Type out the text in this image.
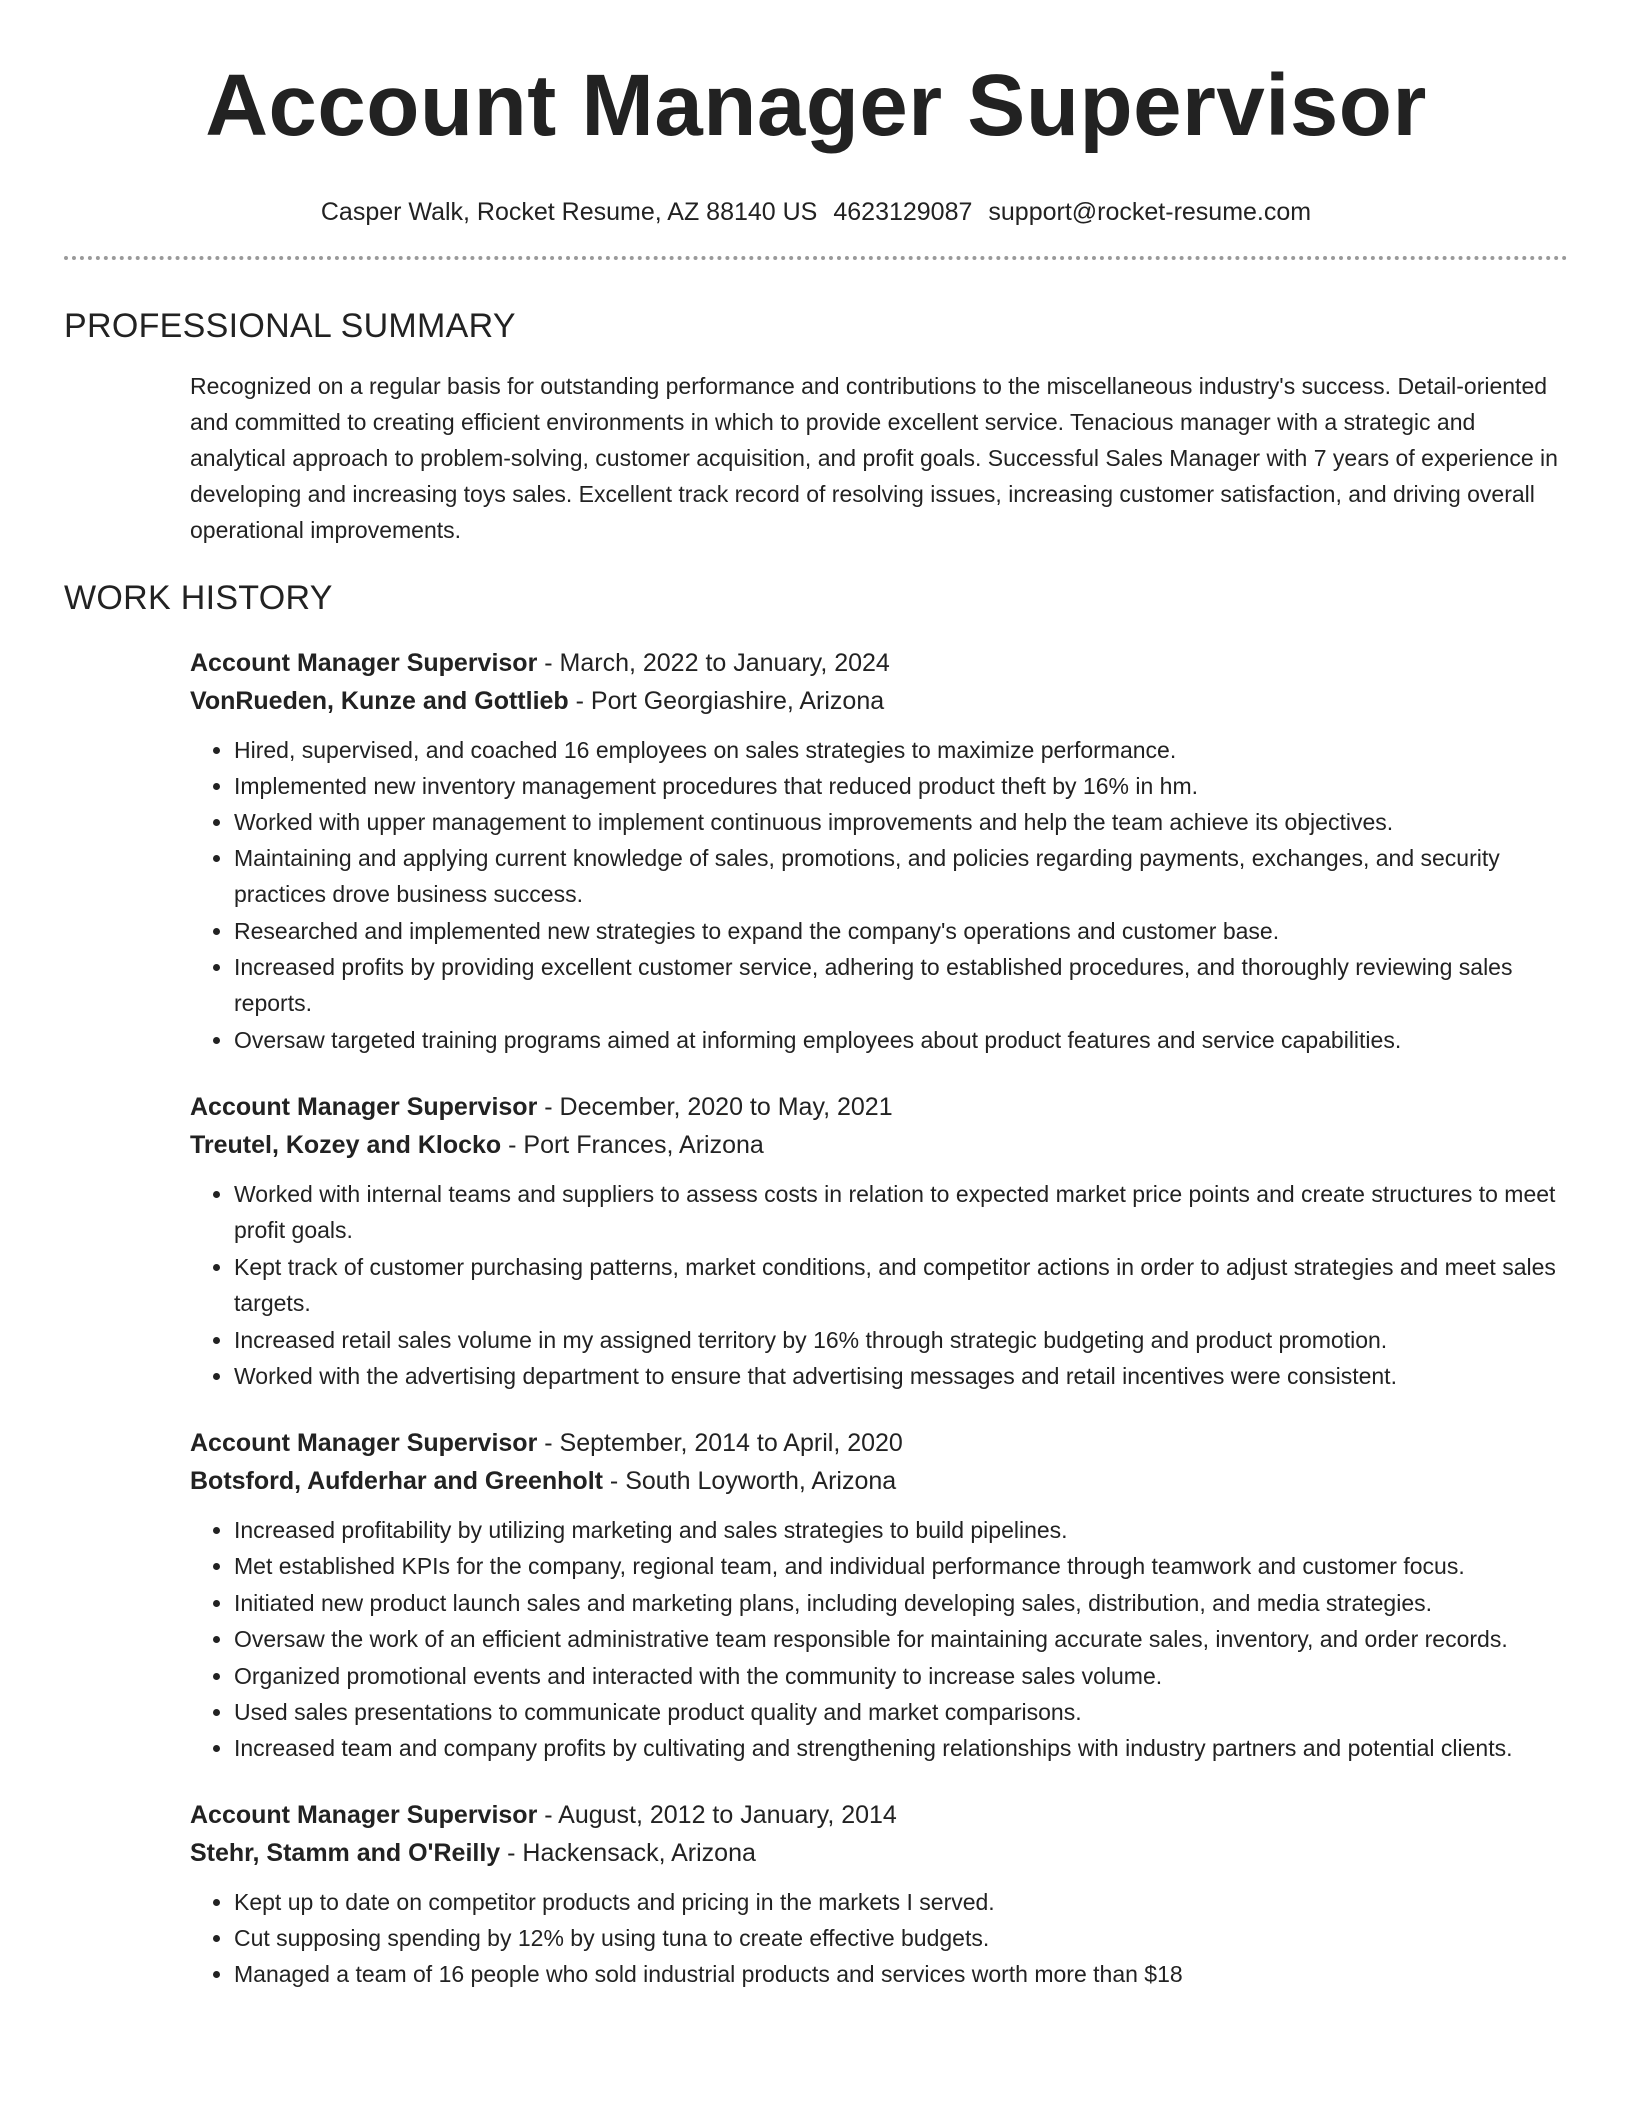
Account Manager Supervisor
Casper Walk, Rocket Resume, AZ 88140 US 4623129087 support@rocket-resume.com
PROFESSIONAL SUMMARY

Recognized on a regular basis for outstanding performance and contributions to the miscellaneous industry's success. Detail-oriented and committed to creating efficient environments in which to provide excellent service. Tenacious manager with a strategic and analytical approach to problem-solving, customer acquisition, and profit goals. Successful Sales Manager with 7 years of experience in developing and increasing toys sales. Excellent track record of resolving issues, increasing customer satisfaction, and driving overall operational improvements.

WORK HISTORY
Account Manager Supervisor - March, 2022 to January, 2024
VonRueden, Kunze and Gottlieb - Port Georgiashire, Arizona
• Hired, supervised, and coached 16 employees on sales strategies to maximize performance.
• Implemented new inventory management procedures that reduced product theft by 16% in hm.
• Worked with upper management to implement continuous improvements and help the team achieve its objectives.
• Maintaining and applying current knowledge of sales, promotions, and policies regarding payments, exchanges, and security practices drove business success.
• Researched and implemented new strategies to expand the company's operations and customer base.
• Increased profits by providing excellent customer service, adhering to established procedures, and thoroughly reviewing sales reports.
• Oversaw targeted training programs aimed at informing employees about product features and service capabilities.
Account Manager Supervisor - December, 2020 to May, 2021
Treutel, Kozey and Klocko - Port Frances, Arizona
• Worked with internal teams and suppliers to assess costs in relation to expected market price points and create structures to meet profit goals.
• Kept track of customer purchasing patterns, market conditions, and competitor actions in order to adjust strategies and meet sales targets.
• Increased retail sales volume in my assigned territory by 16% through strategic budgeting and product promotion.
• Worked with the advertising department to ensure that advertising messages and retail incentives were consistent.
Account Manager Supervisor - September, 2014 to April, 2020
Botsford, Aufderhar and Greenholt - South Loyworth, Arizona
• Increased profitability by utilizing marketing and sales strategies to build pipelines.
• Met established KPIs for the company, regional team, and individual performance through teamwork and customer focus.
• Initiated new product launch sales and marketing plans, including developing sales, distribution, and media strategies.
• Oversaw the work of an efficient administrative team responsible for maintaining accurate sales, inventory, and order records.
• Organized promotional events and interacted with the community to increase sales volume.
• Used sales presentations to communicate product quality and market comparisons.
• Increased team and company profits by cultivating and strengthening relationships with industry partners and potential clients.
Account Manager Supervisor - August, 2012 to January, 2014
Stehr, Stamm and O'Reilly - Hackensack, Arizona
• Kept up to date on competitor products and pricing in the markets I served.
• Cut supposing spending by 12% by using tuna to create effective budgets.
• Managed a team of 16 people who sold industrial products and services worth more than $18
